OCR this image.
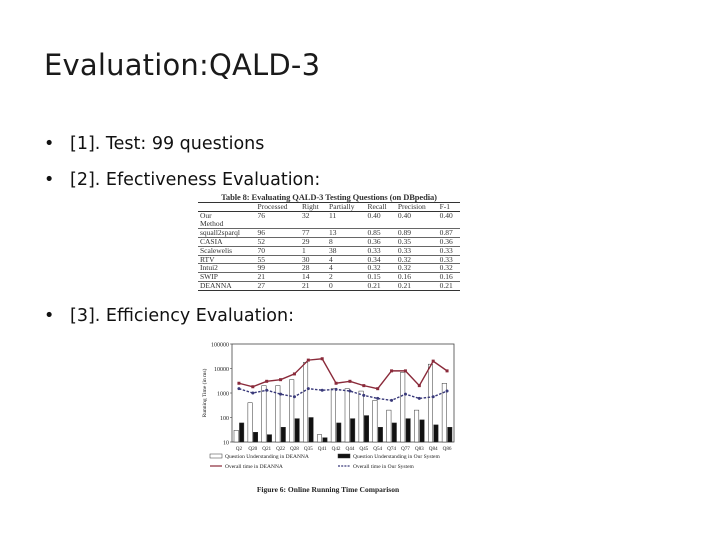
Evaluation:QALD-3
• [1]. Test: 99 questions
• [2]. Efectiveness Evaluation:
• [3]. Efficiency Evaluation:
Table 8: Evaluating QALD-3 Testing Questions (on DBpedia)
	Processed	Right	Partially	Recall	Precision	F-1
Our	76	32	11	0.40	0.40	0.40
Method						
squall2sparql	96	77	13	0.85	0.89	0.87
CASIA	52	29	8	0.36	0.35	0.36
Scalewelis	70	1	38	0.33	0.33	0.33
RTV	55	30	4	0.34	0.32	0.33
Intui2	99	28	4	0.32	0.32	0.32
SWIP	21	14	2	0.15	0.16	0.16
DEANNA	27	21	0	0.21	0.21	0.21
10
100
1000
10000
100000
Running Time (in ms)
Q2 Q20 Q21 Q22 Q28 Q35 Q41 Q42 Q44 Q45 Q54 Q74 Q77 Q83 Q84 Q86
Question Understanding in DEANNA	Question Understanding in Our System
Overall time in DEANNA	Overall time in Our System
Figure 6: Online Running Time Comparison
